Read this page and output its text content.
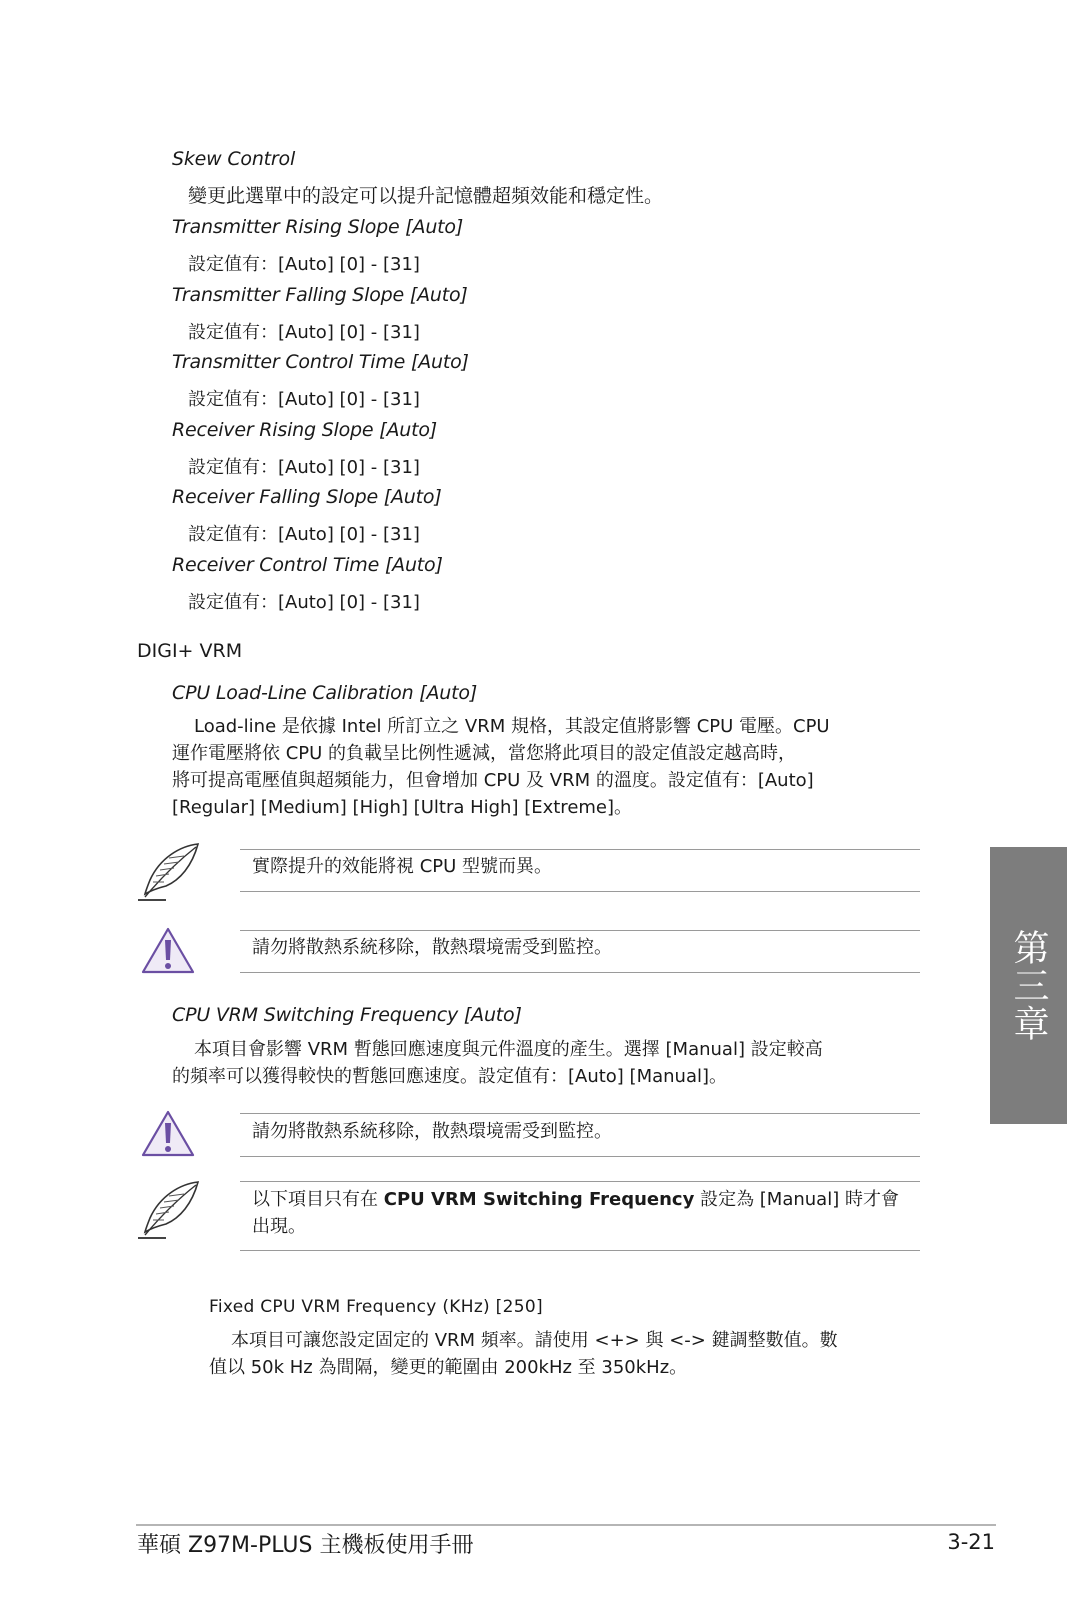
Skew Control
變更此選單中的設定可以提升記憶體超頻效能和穩定性。
Transmitter Rising Slope [Auto]
設定值有：[Auto] [0] - [31]
Transmitter Falling Slope [Auto]
設定值有：[Auto] [0] - [31]
Transmitter Control Time [Auto]
設定值有：[Auto] [0] - [31]
Receiver Rising Slope [Auto]
設定值有：[Auto] [0] - [31]
Receiver Falling Slope [Auto]
設定值有：[Auto] [0] - [31]
Receiver Control Time [Auto]
設定值有：[Auto] [0] - [31]
DIGI+ VRM
CPU Load-Line Calibration [Auto]

Load-line 是依據 Intel 所訂立之 VRM 規格，其設定值將影響 CPU 電壓。CPU

運作電壓將依 CPU 的負載呈比例性遞減，當您將此項目的設定值設定越高時，

將可提高電壓值與超頻能力，但會增加 CPU 及 VRM 的溫度。設定值有：[Auto]

[Regular] [Medium] [High] [Ultra High] [Extreme]。

實際提升的效能將視 CPU 型號而異。
請勿將散熱系統移除，散熱環境需受到監控。
CPU VRM Switching Frequency [Auto]

本項目會影響 VRM 暫態回應速度與元件溫度的產生。選擇 [Manual] 設定較高

的頻率可以獲得較快的暫態回應速度。設定值有：[Auto] [Manual]。

請勿將散熱系統移除，散熱環境需受到監控。
以下項目只有在 CPU VRM Switching Frequency 設定為 [Manual] 時才會
出現。
Fixed CPU VRM Frequency (KHz) [250]

本項目可讓您設定固定的 VRM 頻率。請使用 <+> 與 <-> 鍵調整數值。數

值以 50k Hz 為間隔，變更的範圍由 200kHz 至 350kHz。

第三章
華碩 Z97M-PLUS 主機板使用手冊	3-21
